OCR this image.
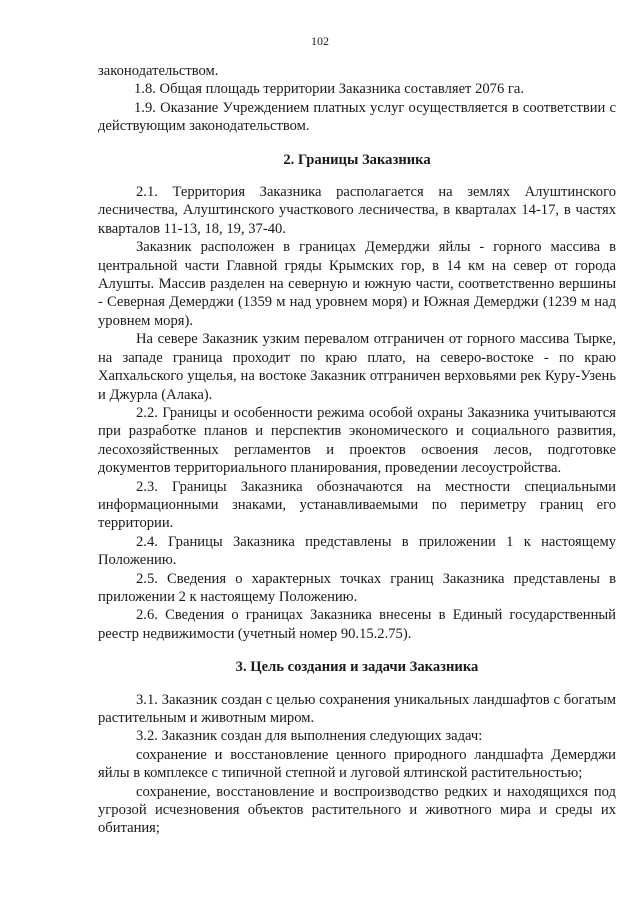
102

законодательством.

1.8. Общая площадь территории Заказника составляет 2076 га.

1.9. Оказание Учреждением платных услуг осуществляется в соответствии с действующим законодательством.

2. Границы Заказника

2.1. Территория Заказника располагается на землях Алуштинского лесничества, Алуштинского участкового лесничества, в кварталах 14-17, в частях кварталов 11-13, 18, 19, 37-40.

Заказник расположен в границах Демерджи яйлы - горного массива в центральной части Главной гряды Крымских гор, в 14 км на север от города Алушты. Массив разделен на северную и южную части, соответственно вершины - Северная Демерджи (1359 м над уровнем моря) и Южная Демерджи (1239 м над уровнем моря).

На севере Заказник узким перевалом отграничен от горного массива Тырке, на западе граница проходит по краю плато, на северо-востоке - по краю Хапхальского ущелья, на востоке Заказник отграничен верховьями рек Куру-Узень и Джурла (Алака).

2.2. Границы и особенности режима особой охраны Заказника учитываются при разработке планов и перспектив экономического и социального развития, лесохозяйственных регламентов и проектов освоения лесов, подготовке документов территориального планирования, проведении лесоустройства.

2.3. Границы Заказника обозначаются на местности специальными информационными знаками, устанавливаемыми по периметру границ его территории.

2.4. Границы Заказника представлены в приложении 1 к настоящему Положению.

2.5. Сведения о характерных точках границ Заказника представлены в приложении 2 к настоящему Положению.

2.6. Сведения о границах Заказника внесены в Единый государственный реестр недвижимости (учетный номер 90.15.2.75).

3. Цель создания и задачи Заказника

3.1. Заказник создан с целью сохранения уникальных ландшафтов с богатым растительным и животным миром.

3.2. Заказник создан для выполнения следующих задач:

сохранение и восстановление ценного природного ландшафта Демерджи яйлы в комплексе с типичной степной и луговой ялтинской растительностью;

сохранение, восстановление и воспроизводство редких и находящихся под угрозой исчезновения объектов растительного и животного мира и среды их обитания;
